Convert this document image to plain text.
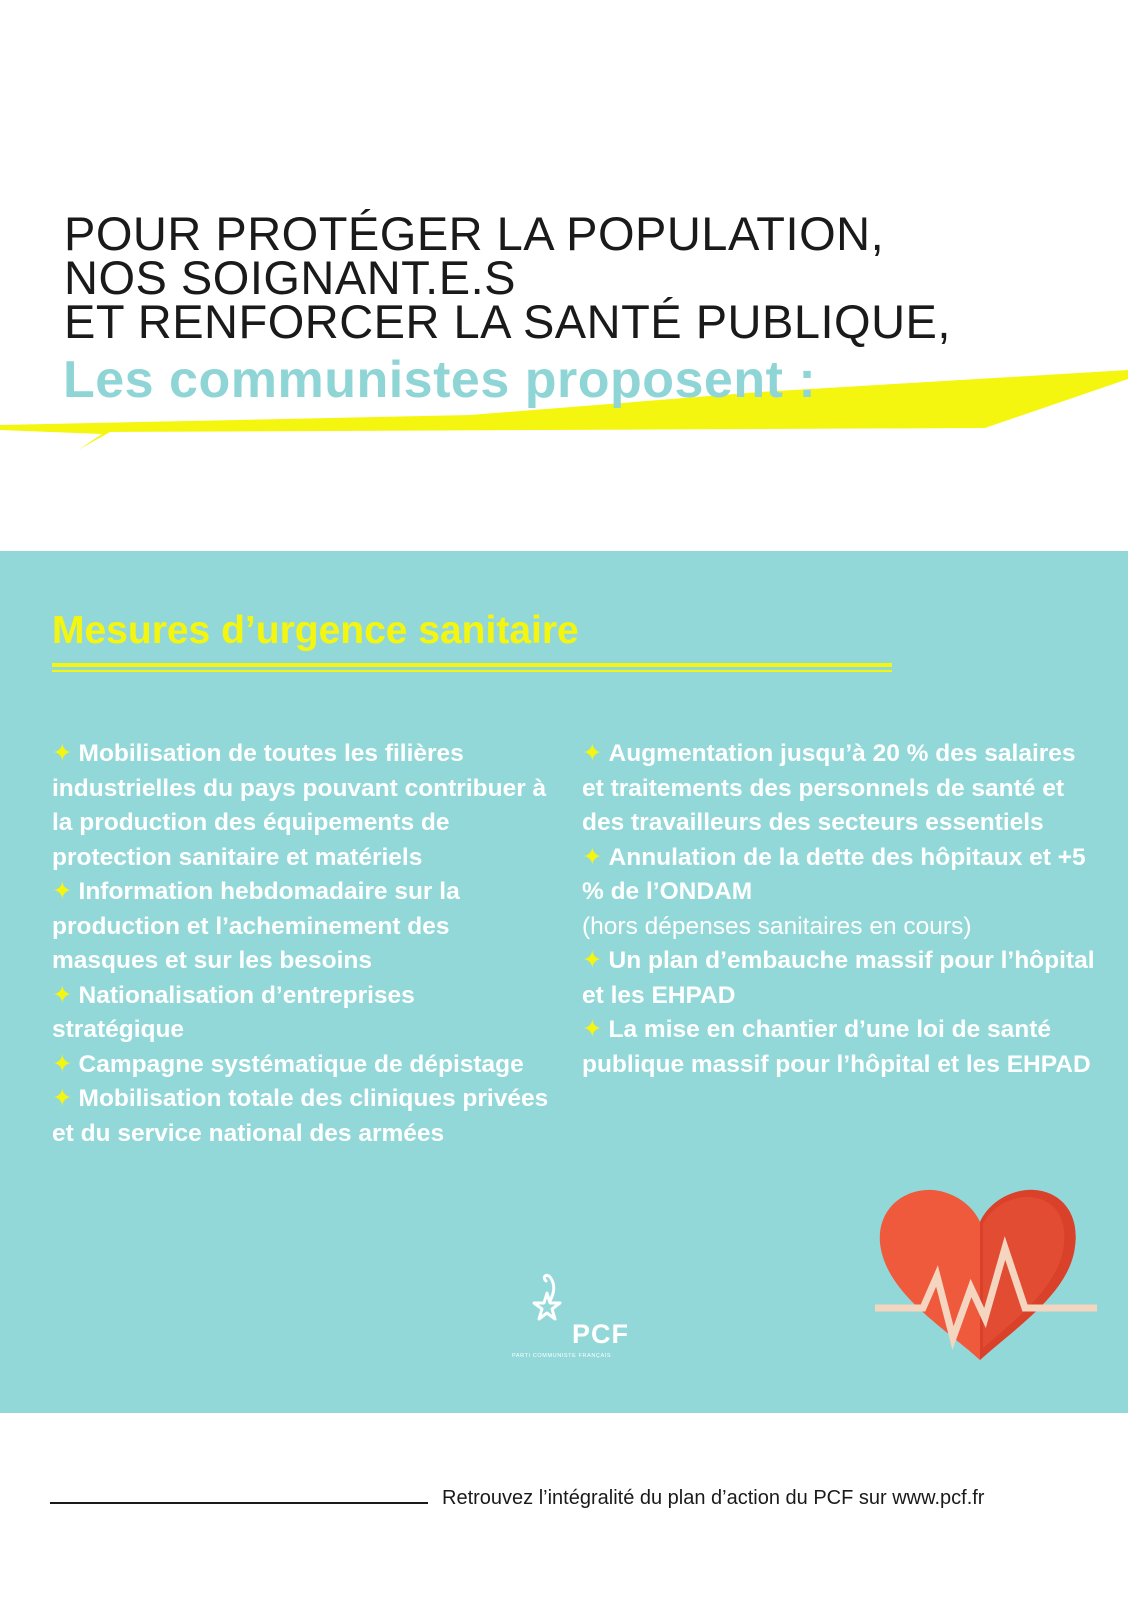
POUR PROTÉGER LA POPULATION,
NOS SOIGNANT.E.S
ET RENFORCER LA SANTÉ PUBLIQUE,
Les communistes proposent :
Mesures d’urgence sanitaire
✦ Mobilisation de toutes les filières industrielles du pays pouvant contribuer à la production des équipements de protection sanitaire et matériels
✦ Information hebdomadaire sur la production et l’acheminement des masques et sur les besoins
✦ Nationalisation d’entreprises stratégique
✦ Campagne systématique de dépistage
✦ Mobilisation totale des cliniques privées et du service national des armées
✦ Augmentation jusqu’à 20 % des salaires et traitements des personnels de santé et des travailleurs des secteurs essentiels
✦ Annulation de la dette des hôpitaux et +5 % de l’ONDAM
(hors dépenses sanitaires en cours)
✦ Un plan d’embauche massif pour l’hôpital et les EHPAD
✦ La mise en chantier d’une loi de santé publique massif pour l’hôpital et les EHPAD

PCF

PARTI COMMUNISTE FRANÇAIS

Retrouvez l’intégralité du plan d’action du PCF sur www.pcf.fr
